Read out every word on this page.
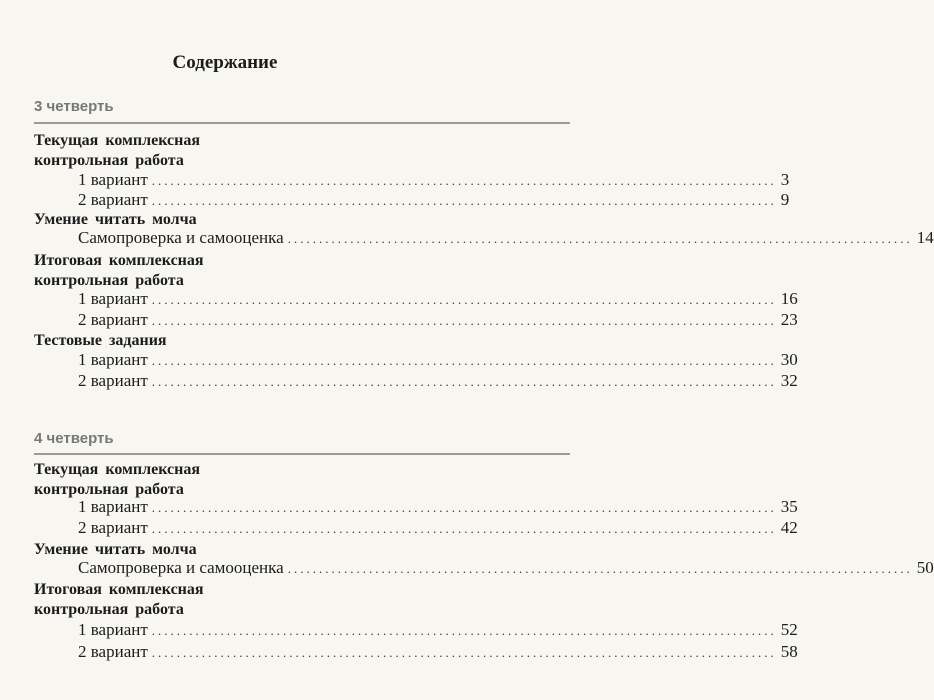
Содержание
3 четверть
Текущая комплексная
контрольная работа
1 вариант .................................................................................................... 3
2 вариант .................................................................................................... 9
Умение читать молча
Самопроверка и самооценка .................................................................................................... 14
Итоговая комплексная
контрольная работа
1 вариант .................................................................................................... 16
2 вариант .................................................................................................... 23
Тестовые задания
1 вариант .................................................................................................... 30
2 вариант .................................................................................................... 32
4 четверть
Текущая комплексная
контрольная работа
1 вариант .................................................................................................... 35
2 вариант .................................................................................................... 42
Умение читать молча
Самопроверка и самооценка .................................................................................................... 50
Итоговая комплексная
контрольная работа
1 вариант .................................................................................................... 52
2 вариант .................................................................................................... 58
